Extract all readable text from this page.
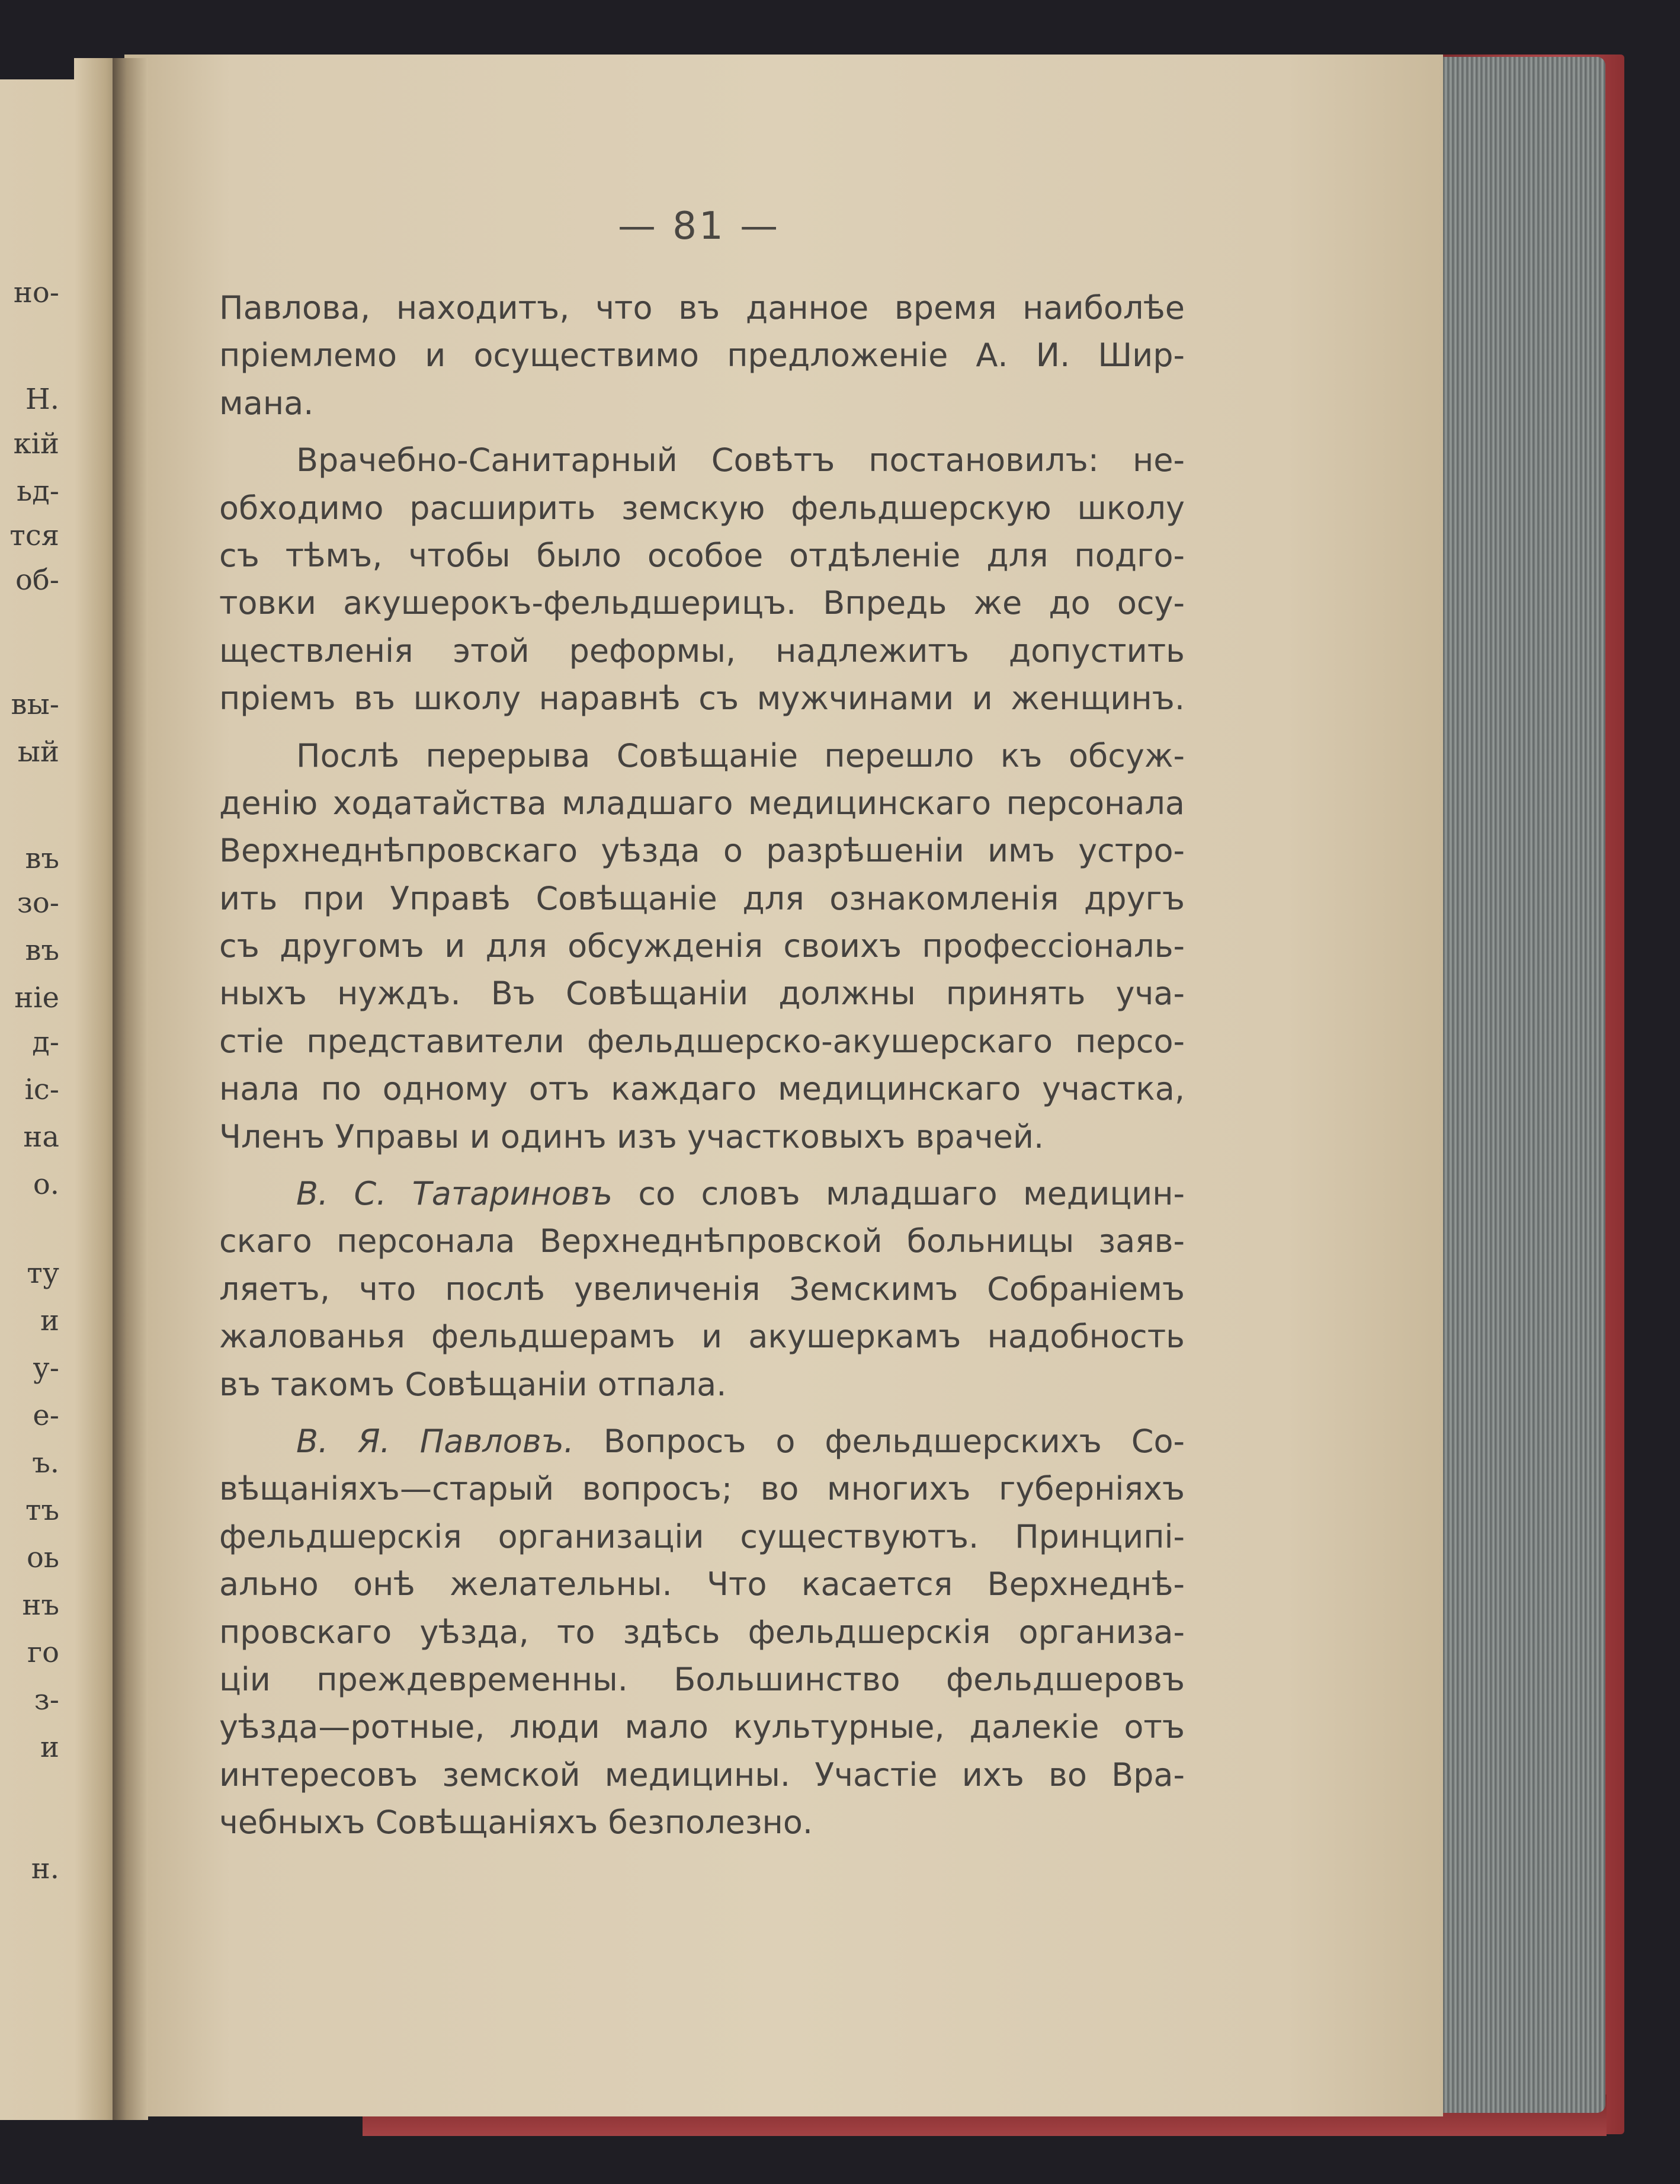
но-
Н.
кій
ьд-
тся
об-
вы-
ый
въ
зо-
въ
ніе
д-
іс-
на
о.
ту
и
у-
е-
ъ.
тъ
оь
нъ
го
з-
и
н.
— 81 —
Павлова, находитъ, что въ данное время наиболѣе
пріемлемо и осуществимо предложеніе А. И. Шир-
мана.
Врачебно-Санитарный Совѣтъ постановилъ: не-
обходимо расширить земскую фельдшерскую школу
съ тѣмъ, чтобы было особое отдѣленіе для подго-
товки акушерокъ-фельдшерицъ. Впредь же до осу-
ществленія этой реформы, надлежитъ допустить
пріемъ въ школу наравнѣ съ мужчинами и женщинъ.
Послѣ перерыва Совѣщаніе перешло къ обсуж-
денію ходатайства младшаго медицинскаго персонала
Верхнеднѣпровскаго уѣзда о разрѣшеніи имъ устро-
ить при Управѣ Совѣщаніе для ознакомленія другъ
съ другомъ и для обсужденія своихъ профессіональ-
ныхъ нуждъ. Въ Совѣщаніи должны принять уча-
стіе представители фельдшерско-акушерскаго персо-
нала по одному отъ каждаго медицинскаго участка,
Членъ Управы и одинъ изъ участковыхъ врачей.
В. С. Татариновъ со словъ младшаго медицин-
скаго персонала Верхнеднѣпровской больницы заяв-
ляетъ, что послѣ увеличенія Земскимъ Собраніемъ
жалованья фельдшерамъ и акушеркамъ надобность
въ такомъ Совѣщаніи отпала.
В. Я. Павловъ. Вопросъ о фельдшерскихъ Со-
вѣщаніяхъ—старый вопросъ; во многихъ губерніяхъ
фельдшерскія организаціи существуютъ. Принципі-
ально онѣ желательны. Что касается Верхнеднѣ-
провскаго уѣзда, то здѣсь фельдшерскія организа-
ціи преждевременны. Большинство фельдшеровъ
уѣзда—ротные, люди мало культурные, далекіе отъ
интересовъ земской медицины. Участіе ихъ во Вра-
чебныхъ Совѣщаніяхъ безполезно.
